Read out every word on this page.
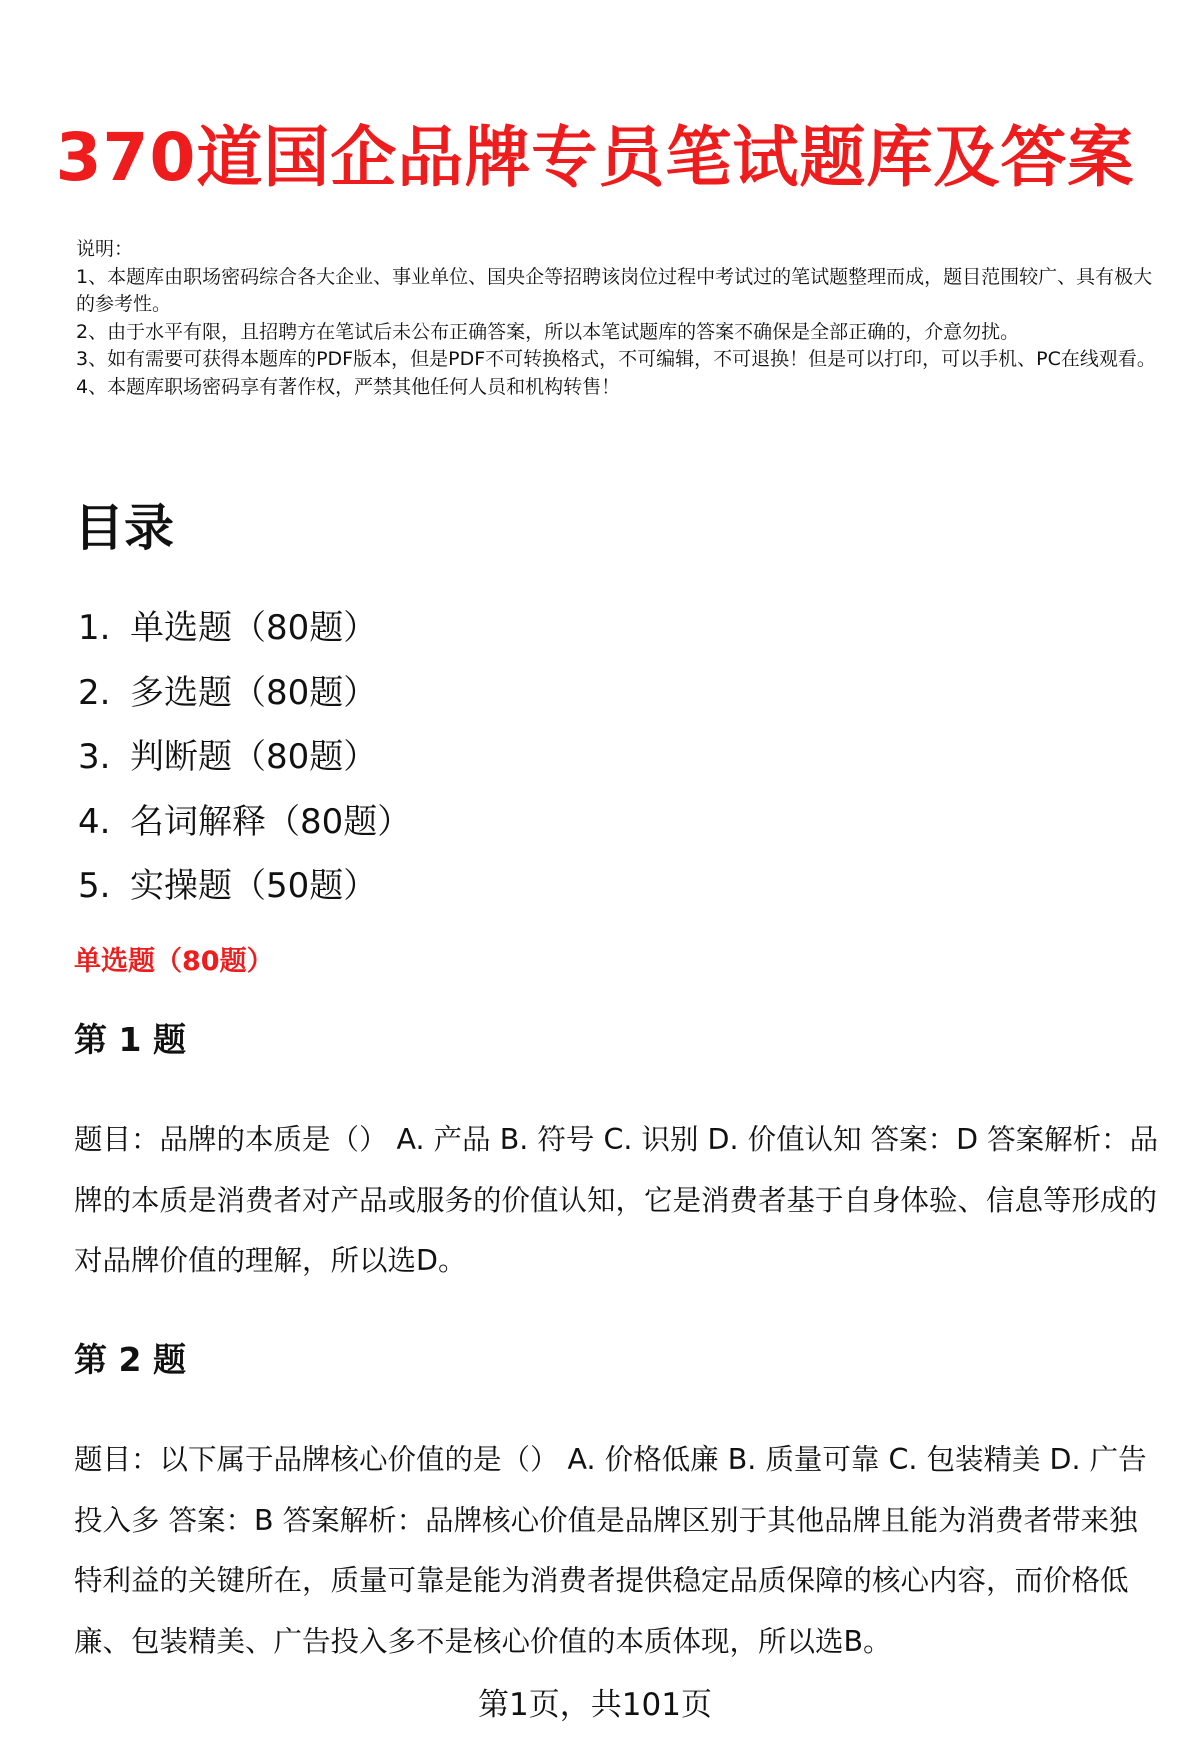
370道国企品牌专员笔试题库及答案
说明：
1、本题库由职场密码综合各大企业、事业单位、国央企等招聘该岗位过程中考试过的笔试题整理而成，题目范围较广、具有极大的参考性。
2、由于水平有限，且招聘方在笔试后未公布正确答案，所以本笔试题库的答案不确保是全部正确的，介意勿扰。
3、如有需要可获得本题库的PDF版本，但是PDF不可转换格式，不可编辑，不可退换！但是可以打印，可以手机、PC在线观看。
4、本题库职场密码享有著作权，严禁其他任何人员和机构转售！
目录
1. 单选题（80题）
2. 多选题（80题）
3. 判断题（80题）
4. 名词解释（80题）
5. 实操题（50题）
单选题（80题）
第 1 题
题目：品牌的本质是（） A. 产品 B. 符号 C. 识别 D. 价值认知 答案：D 答案解析：品牌的本质是消费者对产品或服务的价值认知，它是消费者基于自身体验、信息等形成的对品牌价值的理解，所以选D。
第 2 题
题目：以下属于品牌核心价值的是（） A. 价格低廉 B. 质量可靠 C. 包装精美 D. 广告投入多 答案：B 答案解析：品牌核心价值是品牌区别于其他品牌且能为消费者带来独特利益的关键所在，质量可靠是能为消费者提供稳定品质保障的核心内容，而价格低廉、包装精美、广告投入多不是核心价值的本质体现，所以选B。
第1页，共101页
